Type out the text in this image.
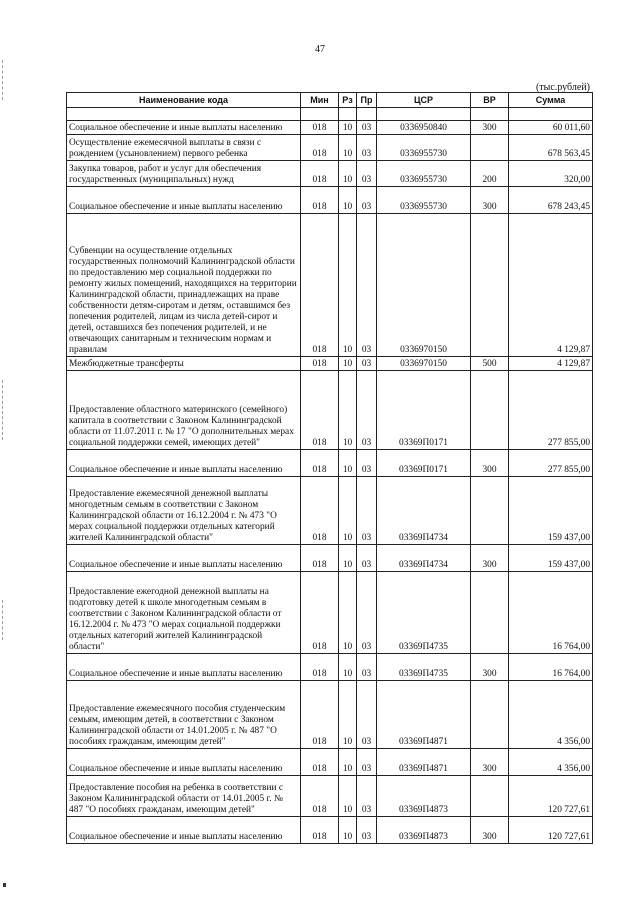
47
(тыс.рублей)
Наименование кода	Мин	Рз	Пр	ЦСР	ВР	Сумма

Социальное обеспечение и иные выплаты населению	018	10	03	0336950840	300	60 011,60
Осуществление ежемесячной выплаты в связи с рождением (усыновлением) первого ребенка	018	10	03	0336955730		678 563,45
Закупка товаров, работ и услуг для обеспечения государственных (муниципальных) нужд	018	10	03	0336955730	200	320,00
Социальное обеспечение и иные выплаты населению	018	10	03	0336955730	300	678 243,45
Субвенции на осуществление отдельных государственных полномочий Калининградской области по предоставлению мер социальной поддержки по ремонту жилых помещений, находящихся на территории Калининградской области, принадлежащих на праве собственности детям-сиротам и детям, оставшимся без попечения родителей, лицам из числа детей-сирот и детей, оставшихся без попечения родителей, и не отвечающих санитарным и техническим нормам и правилам	018	10	03	0336970150		4 129,87
Межбюджетные трансферты	018	10	03	0336970150	500	4 129,87
Предоставление областного материнского (семейного) капитала в соответствии с Законом Калининградской области от 11.07.2011 г. № 17 "О дополнительных мерах социальной поддержки семей, имеющих детей"	018	10	03	03369П0171		277 855,00
Социальное обеспечение и иные выплаты населению	018	10	03	03369П0171	300	277 855,00
Предоставление ежемесячной денежной выплаты многодетным семьям в соответствии с Законом Калининградской области от 16.12.2004 г. № 473 "О мерах социальной поддержки отдельных категорий жителей Калининградской области"	018	10	03	03369П4734		159 437,00
Социальное обеспечение и иные выплаты населению	018	10	03	03369П4734	300	159 437,00
Предоставление ежегодной денежной выплаты на подготовку детей к школе многодетным семьям в соответствии с Законом Калининградской области от 16.12.2004 г. № 473 "О мерах социальной поддержки отдельных категорий жителей Калининградской области"	018	10	03	03369П4735		16 764,00
Социальное обеспечение и иные выплаты населению	018	10	03	03369П4735	300	16 764,00
Предоставление ежемесячного пособия студенческим семьям, имеющим детей, в соответствии с Законом Калининградской области от 14.01.2005 г. № 487 "О пособиях гражданам, имеющим детей"	018	10	03	03369П4871		4 356,00
Социальное обеспечение и иные выплаты населению	018	10	03	03369П4871	300	4 356,00
Предоставление пособия на ребенка в соответствии с Законом Калининградской области от 14.01.2005 г. № 487 "О пособиях гражданам, имеющим детей"	018	10	03	03369П4873		120 727,61
Социальное обеспечение и иные выплаты населению	018	10	03	03369П4873	300	120 727,61
